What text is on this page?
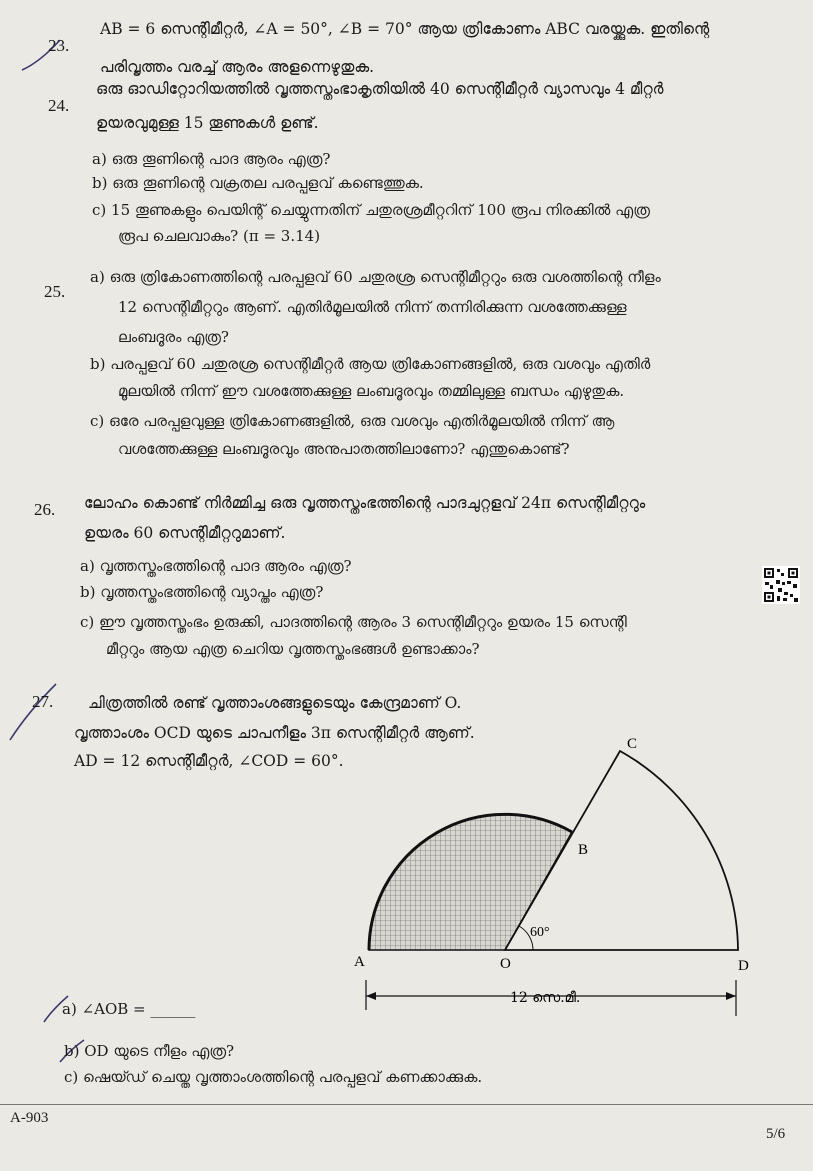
23.
AB = 6 സെന്റിമീറ്റർ, ∠A = 50°, ∠B = 70° ആയ ത്രികോണം ABC വരയ്ക്കുക. ഇതിന്റെ
പരിവൃത്തം വരച്ച് ആരം അളന്നെഴുതുക.
24.
ഒരു ഓഡിറ്റോറിയത്തിൽ വൃത്തസ്തംഭാകൃതിയിൽ 40 സെന്റിമീറ്റർ വ്യാസവും 4 മീറ്റർ
ഉയരവുമുള്ള 15 തൂണുകൾ ഉണ്ട്.
a) ഒരു തൂണിന്റെ പാദ ആരം എത്ര?
b) ഒരു തൂണിന്റെ വക്രതല പരപ്പളവ് കണ്ടെത്തുക.
c) 15 തൂണുകളും പെയിന്റ് ചെയ്യുന്നതിന് ചതുരശ്രമീറ്ററിന് 100 രൂപ നിരക്കിൽ എത്ര
രൂപ ചെലവാകും? (π = 3.14)
25.
a) ഒരു ത്രികോണത്തിന്റെ പരപ്പളവ് 60 ചതുരശ്ര സെന്റിമീറ്ററും ഒരു വശത്തിന്റെ നീളം
12 സെന്റിമീറ്ററും ആണ്. എതിർമൂലയിൽ നിന്ന് തന്നിരിക്കുന്ന വശത്തേക്കുള്ള
ലംബദൂരം എത്ര?
b) പരപ്പളവ് 60 ചതുരശ്ര സെന്റിമീറ്റർ ആയ ത്രികോണങ്ങളിൽ, ഒരു വശവും എതിർ
മൂലയിൽ നിന്ന് ഈ വശത്തേക്കുള്ള ലംബദൂരവും തമ്മിലുള്ള ബന്ധം എഴുതുക.
c) ഒരേ പരപ്പളവുള്ള ത്രികോണങ്ങളിൽ, ഒരു വശവും എതിർമൂലയിൽ നിന്ന് ആ
വശത്തേക്കുള്ള ലംബദൂരവും അനുപാതത്തിലാണോ? എന്തുകൊണ്ട്?
26. ലോഹം കൊണ്ട് നിർമ്മിച്ച ഒരു വൃത്തസ്തംഭത്തിന്റെ പാദചുറ്റളവ് 24π സെന്റിമീറ്ററും
ഉയരം 60 സെന്റിമീറ്ററുമാണ്.
a) വൃത്തസ്തംഭത്തിന്റെ പാദ ആരം എത്ര?
b) വൃത്തസ്തംഭത്തിന്റെ വ്യാപ്തം എത്ര?
c) ഈ വൃത്തസ്തംഭം ഉരുക്കി, പാദത്തിന്റെ ആരം 3 സെന്റിമീറ്ററും ഉയരം 15 സെന്റി
മീറ്ററും ആയ എത്ര ചെറിയ വൃത്തസ്തംഭങ്ങൾ ഉണ്ടാക്കാം?
27. ചിത്രത്തിൽ രണ്ട് വൃത്താംശങ്ങളുടെയും കേന്ദ്രമാണ് O.
വൃത്താംശം OCD യുടെ ചാപനീളം 3π സെന്റിമീറ്റർ ആണ്.
AD = 12 സെന്റിമീറ്റർ, ∠COD = 60°.
A	O
B
C
D
60°
12 സെ.മീ.
a) ∠AOB = ______
b) OD യുടെ നീളം എത്ര?
c) ഷെയ്ഡ് ചെയ്ത വൃത്താംശത്തിന്റെ പരപ്പളവ് കണക്കാക്കുക.
A-903
5/6
